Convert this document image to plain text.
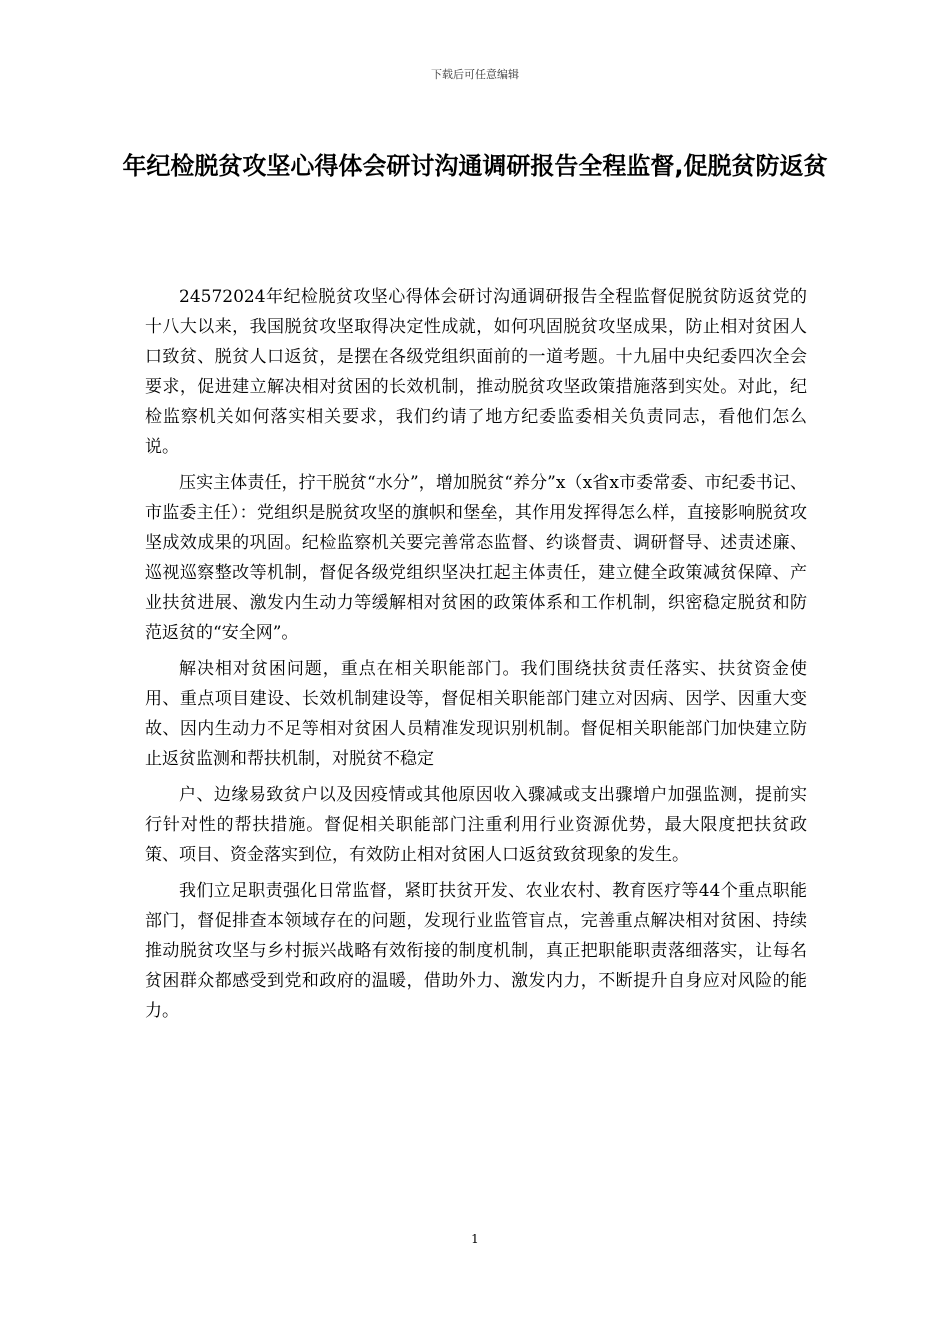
下载后可任意编辑
年纪检脱贫攻坚心得体会研讨沟通调研报告全程监督,促脱贫防返贫

24572024年纪检脱贫攻坚心得体会研讨沟通调研报告全程监督促脱贫防返贫党的十八大以来，我国脱贫攻坚取得决定性成就，如何巩固脱贫攻坚成果，防止相对贫困人口致贫、脱贫人口返贫，是摆在各级党组织面前的一道考题。十九届中央纪委四次全会要求，促进建立解决相对贫困的长效机制，推动脱贫攻坚政策措施落到实处。对此，纪检监察机关如何落实相关要求，我们约请了地方纪委监委相关负责同志，看他们怎么说。

压实主体责任，拧干脱贫“水分”，增加脱贫“养分”x（x省x市委常委、市纪委书记、市监委主任）：党组织是脱贫攻坚的旗帜和堡垒，其作用发挥得怎么样，直接影响脱贫攻坚成效成果的巩固。纪检监察机关要完善常态监督、约谈督责、调研督导、述责述廉、巡视巡察整改等机制，督促各级党组织坚决扛起主体责任，建立健全政策减贫保障、产业扶贫进展、激发内生动力等缓解相对贫困的政策体系和工作机制，织密稳定脱贫和防范返贫的“安全网”。

解决相对贫困问题，重点在相关职能部门。我们围绕扶贫责任落实、扶贫资金使用、重点项目建设、长效机制建设等，督促相关职能部门建立对因病、因学、因重大变故、因内生动力不足等相对贫困人员精准发现识别机制。督促相关职能部门加快建立防止返贫监测和帮扶机制，对脱贫不稳定

户、边缘易致贫户以及因疫情或其他原因收入骤减或支出骤增户加强监测，提前实行针对性的帮扶措施。督促相关职能部门注重利用行业资源优势，最大限度把扶贫政策、项目、资金落实到位，有效防止相对贫困人口返贫致贫现象的发生。

我们立足职责强化日常监督，紧盯扶贫开发、农业农村、教育医疗等44个重点职能部门，督促排查本领域存在的问题，发现行业监管盲点，完善重点解决相对贫困、持续推动脱贫攻坚与乡村振兴战略有效衔接的制度机制，真正把职能职责落细落实，让每名贫困群众都感受到党和政府的温暖，借助外力、激发内力，不断提升自身应对风险的能力。

1
